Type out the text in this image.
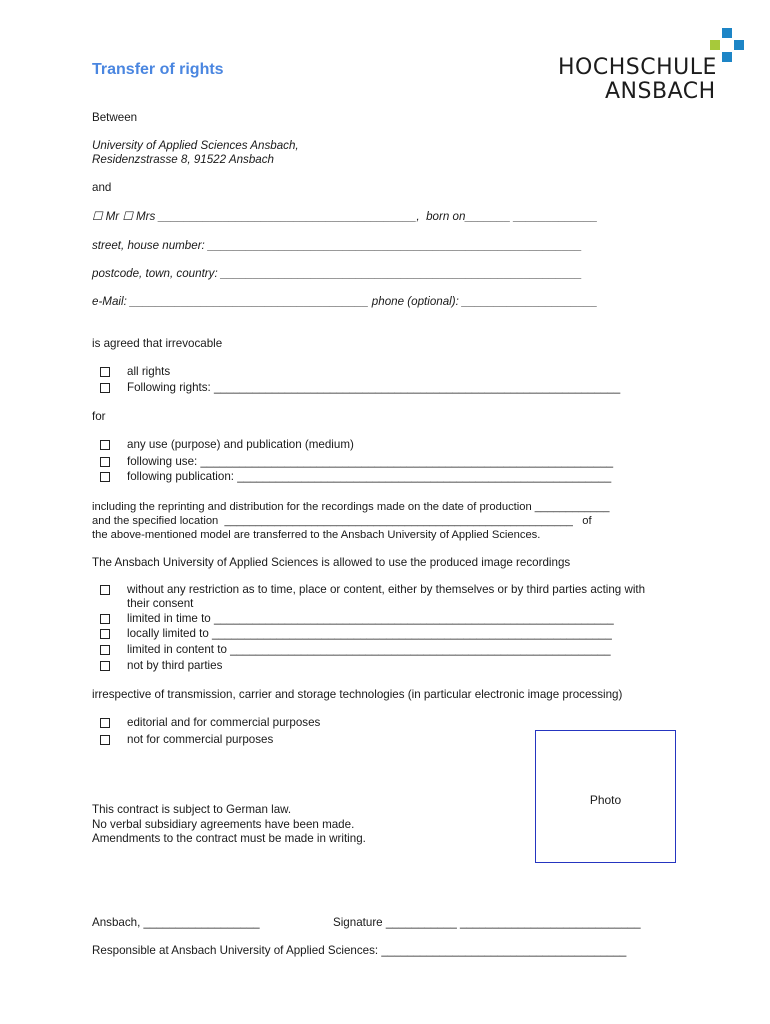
Transfer of rights	HOCHSCHULE
ANSBACH
Between
University of Applied Sciences Ansbach,
Residenzstrasse 8, 91522 Ansbach
and
☐ Mr ☐ Mrs ________________________________________,  born on_______ _____________
street, house number: __________________________________________________________
postcode, town, country: ________________________________________________________
e-Mail: _____________________________________ phone (optional): _____________________
is agreed that irrevocable
all rights
Following rights: _______________________________________________________________
for
any use (purpose) and publication (medium)
following use: ________________________________________________________________
following publication: __________________________________________________________
including the reprinting and distribution for the recordings made on the date of production ____________
and the specified location  ________________________________________________________   of
the above-mentioned model are transferred to the Ansbach University of Applied Sciences.
The Ansbach University of Applied Sciences is allowed to use the produced image recordings
without any restriction as to time, place or content, either by themselves or by third parties acting with
their consent
limited in time to ______________________________________________________________
locally limited to ______________________________________________________________
limited in content to ___________________________________________________________
not by third parties
irrespective of transmission, carrier and storage technologies (in particular electronic image processing)
editorial and for commercial purposes
not for commercial purposes
Photo
This contract is subject to German law.
No verbal subsidiary agreements have been made.
Amendments to the contract must be made in writing.
Ansbach, __________________	Signature ___________ ____________________________
Responsible at Ansbach University of Applied Sciences: ______________________________________
